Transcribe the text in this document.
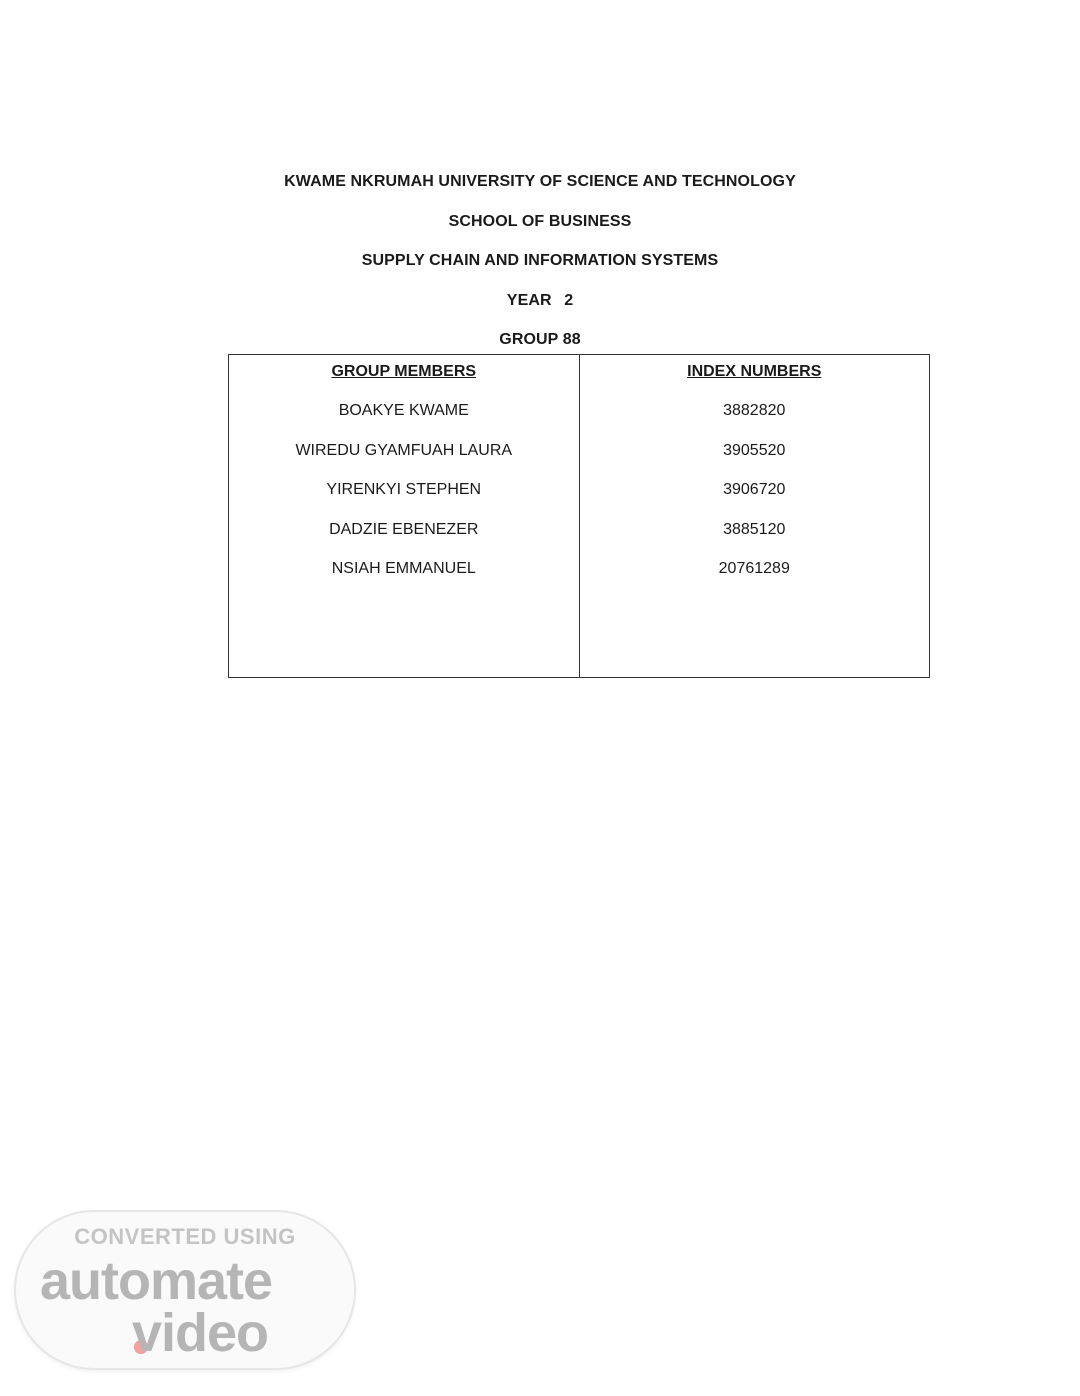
KWAME NKRUMAH UNIVERSITY OF SCIENCE AND TECHNOLOGY
SCHOOL OF BUSINESS
SUPPLY CHAIN AND INFORMATION SYSTEMS
YEAR 2
GROUP 88
GROUP MEMBERS
BOAKYE KWAME
WIREDU GYAMFUAH LAURA
YIRENKYI STEPHEN
DADZIE EBENEZER
NSIAH EMMANUEL
INDEX NUMBERS
3882820
3905520
3906720
3885120
20761289
CONVERTED USING
automate
video
